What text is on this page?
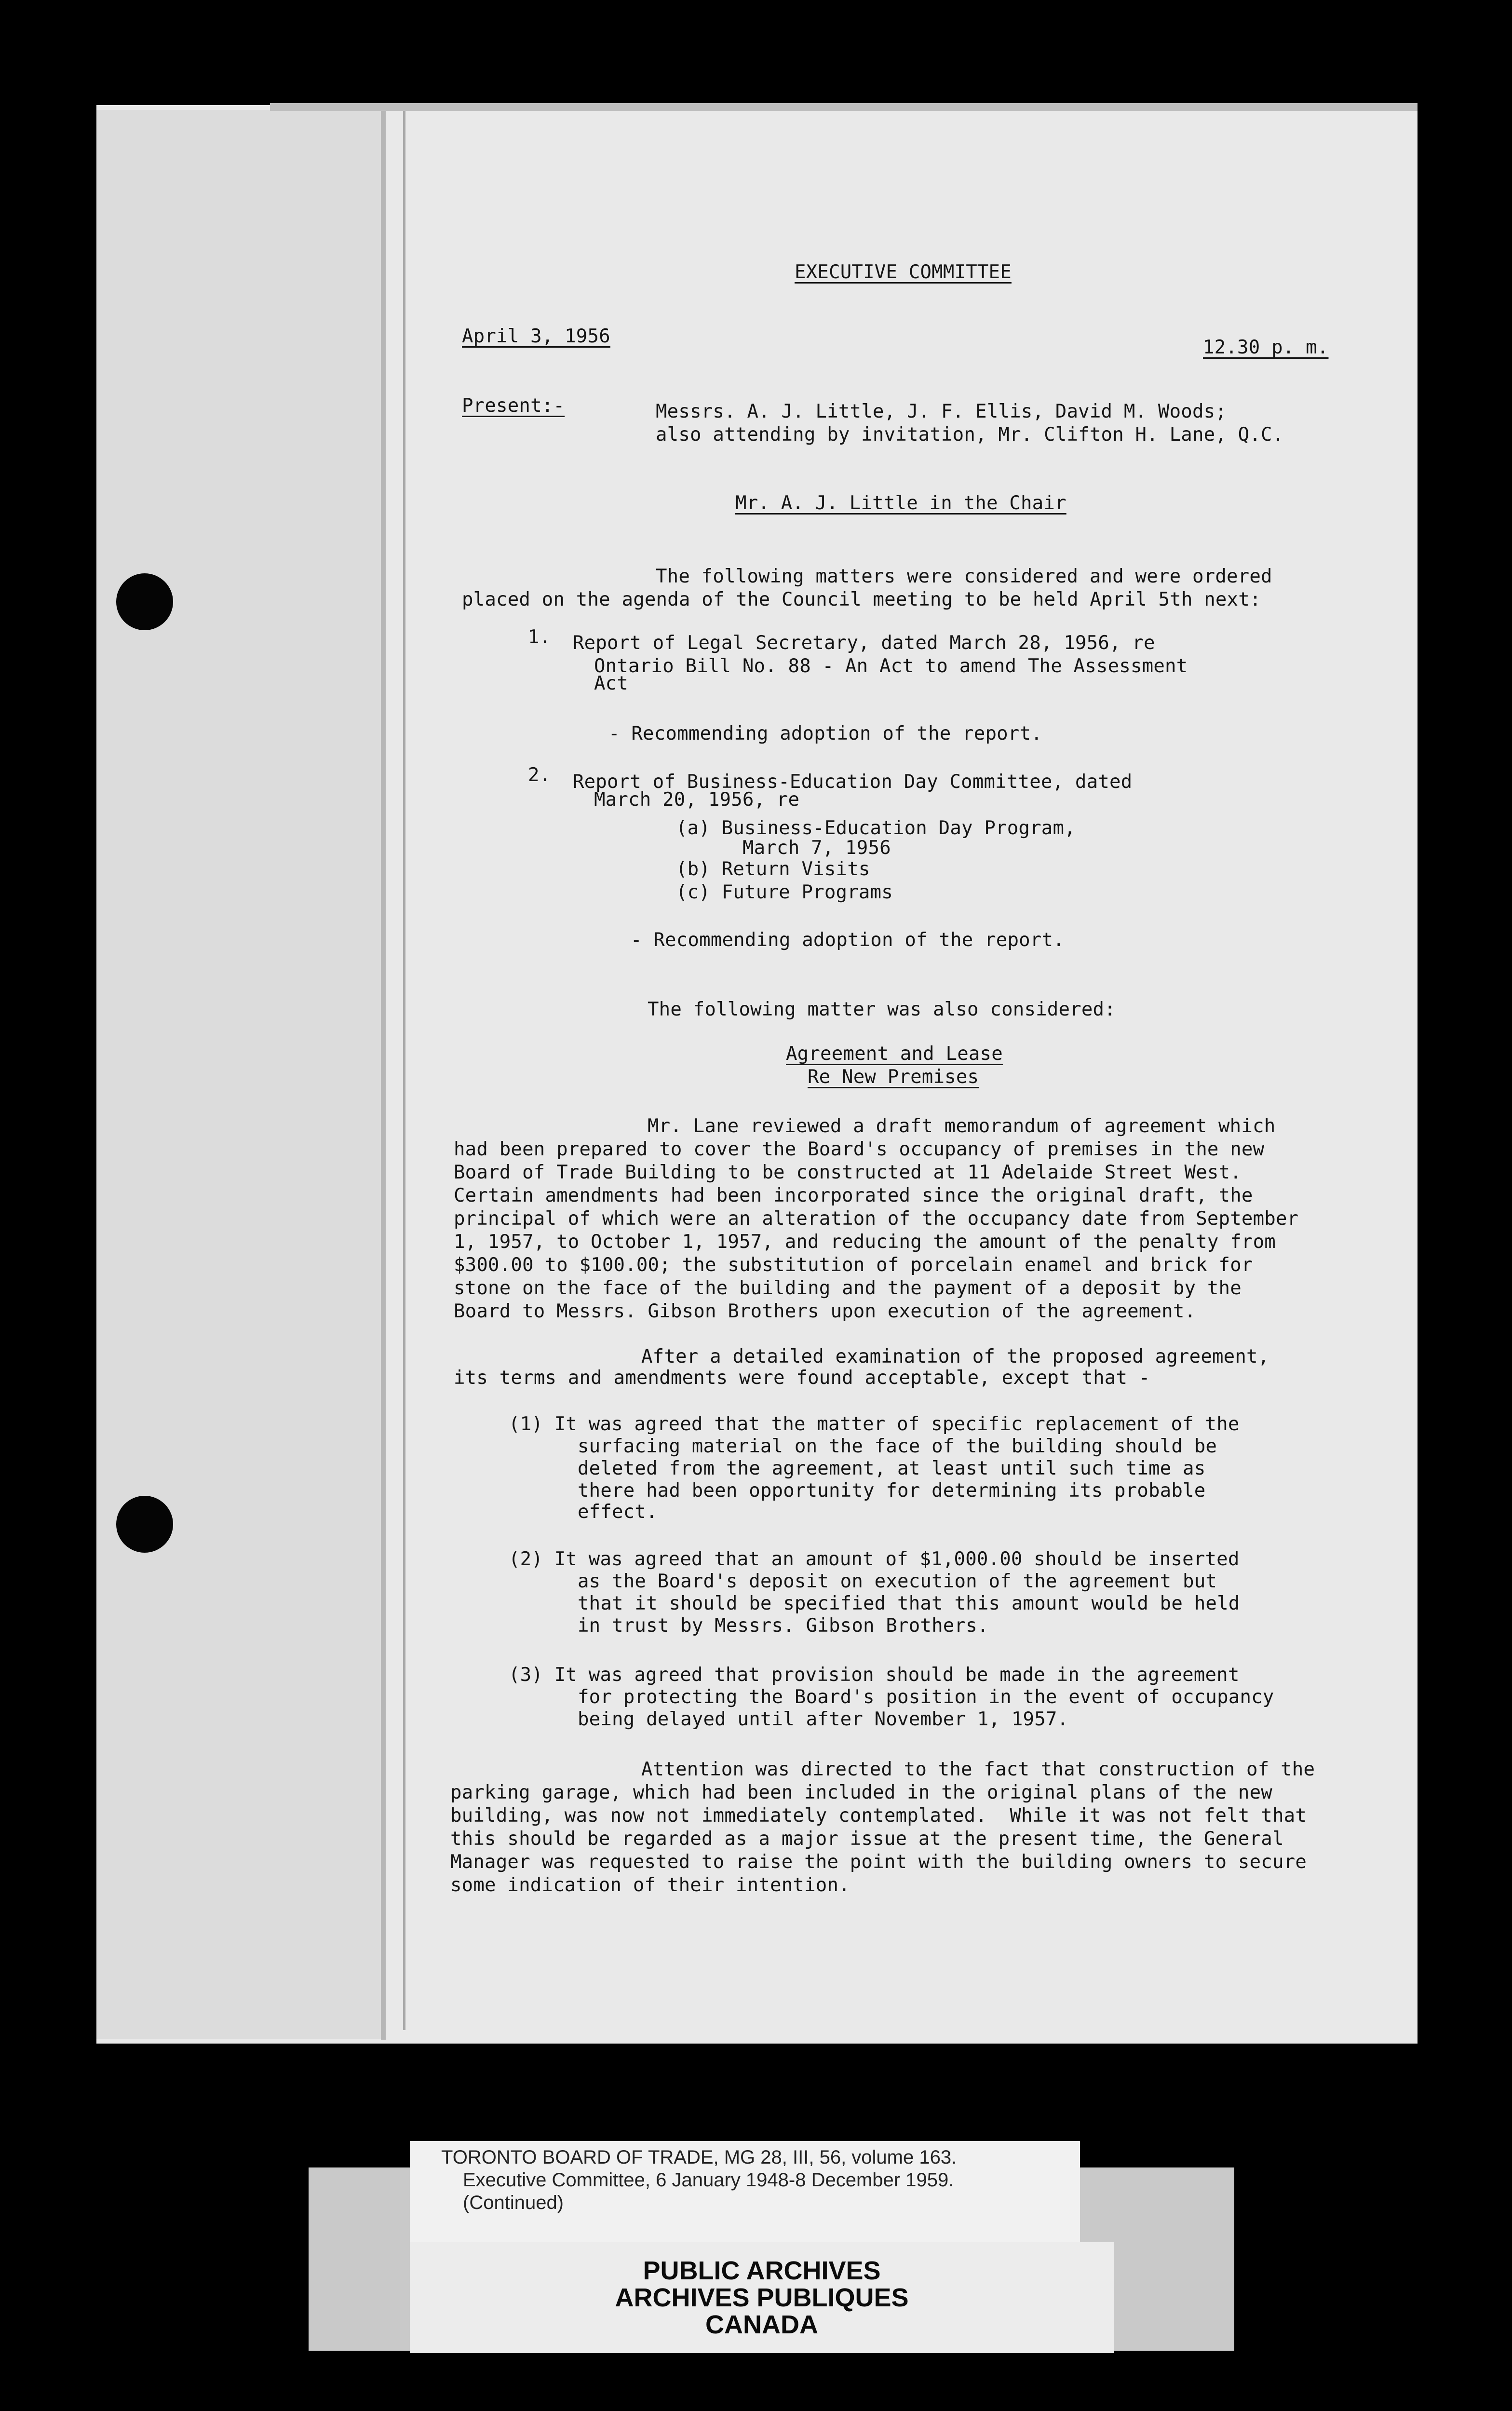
EXECUTIVE COMMITTEE
April 3, 1956
12.30 p. m.
Present:-	Messrs. A. J. Little, J. F. Ellis, David M. Woods;
also attending by invitation, Mr. Clifton H. Lane, Q.C.
Mr. A. J. Little in the Chair
The following matters were considered and were ordered
placed on the agenda of the Council meeting to be held April 5th next:
1. Report of Legal Secretary, dated March 28, 1956, re
Ontario Bill No. 88 - An Act to amend The Assessment
Act
- Recommending adoption of the report.
2. Report of Business-Education Day Committee, dated
March 20, 1956, re
(a) Business-Education Day Program,
March 7, 1956
(b) Return Visits
(c) Future Programs
- Recommending adoption of the report.
The following matter was also considered:
Agreement and Lease
Re New Premises
Mr. Lane reviewed a draft memorandum of agreement which
had been prepared to cover the Board's occupancy of premises in the new
Board of Trade Building to be constructed at 11 Adelaide Street West.
Certain amendments had been incorporated since the original draft, the
principal of which were an alteration of the occupancy date from September
1, 1957, to October 1, 1957, and reducing the amount of the penalty from
$300.00 to $100.00; the substitution of porcelain enamel and brick for
stone on the face of the building and the payment of a deposit by the
Board to Messrs. Gibson Brothers upon execution of the agreement.
After a detailed examination of the proposed agreement,
its terms and amendments were found acceptable, except that -
(1) It was agreed that the matter of specific replacement of the
surfacing material on the face of the building should be
deleted from the agreement, at least until such time as
there had been opportunity for determining its probable
effect.
(2) It was agreed that an amount of $1,000.00 should be inserted
as the Board's deposit on execution of the agreement but
that it should be specified that this amount would be held
in trust by Messrs. Gibson Brothers.
(3) It was agreed that provision should be made in the agreement
for protecting the Board's position in the event of occupancy
being delayed until after November 1, 1957.
Attention was directed to the fact that construction of the
parking garage, which had been included in the original plans of the new
building, was now not immediately contemplated.  While it was not felt that
this should be regarded as a major issue at the present time, the General
Manager was requested to raise the point with the building owners to secure
some indication of their intention.
TORONTO BOARD OF TRADE, MG 28, III, 56, volume 163.
Executive Committee, 6 January 1948-8 December 1959.
(Continued)
PUBLIC ARCHIVES
ARCHIVES PUBLIQUES
CANADA
